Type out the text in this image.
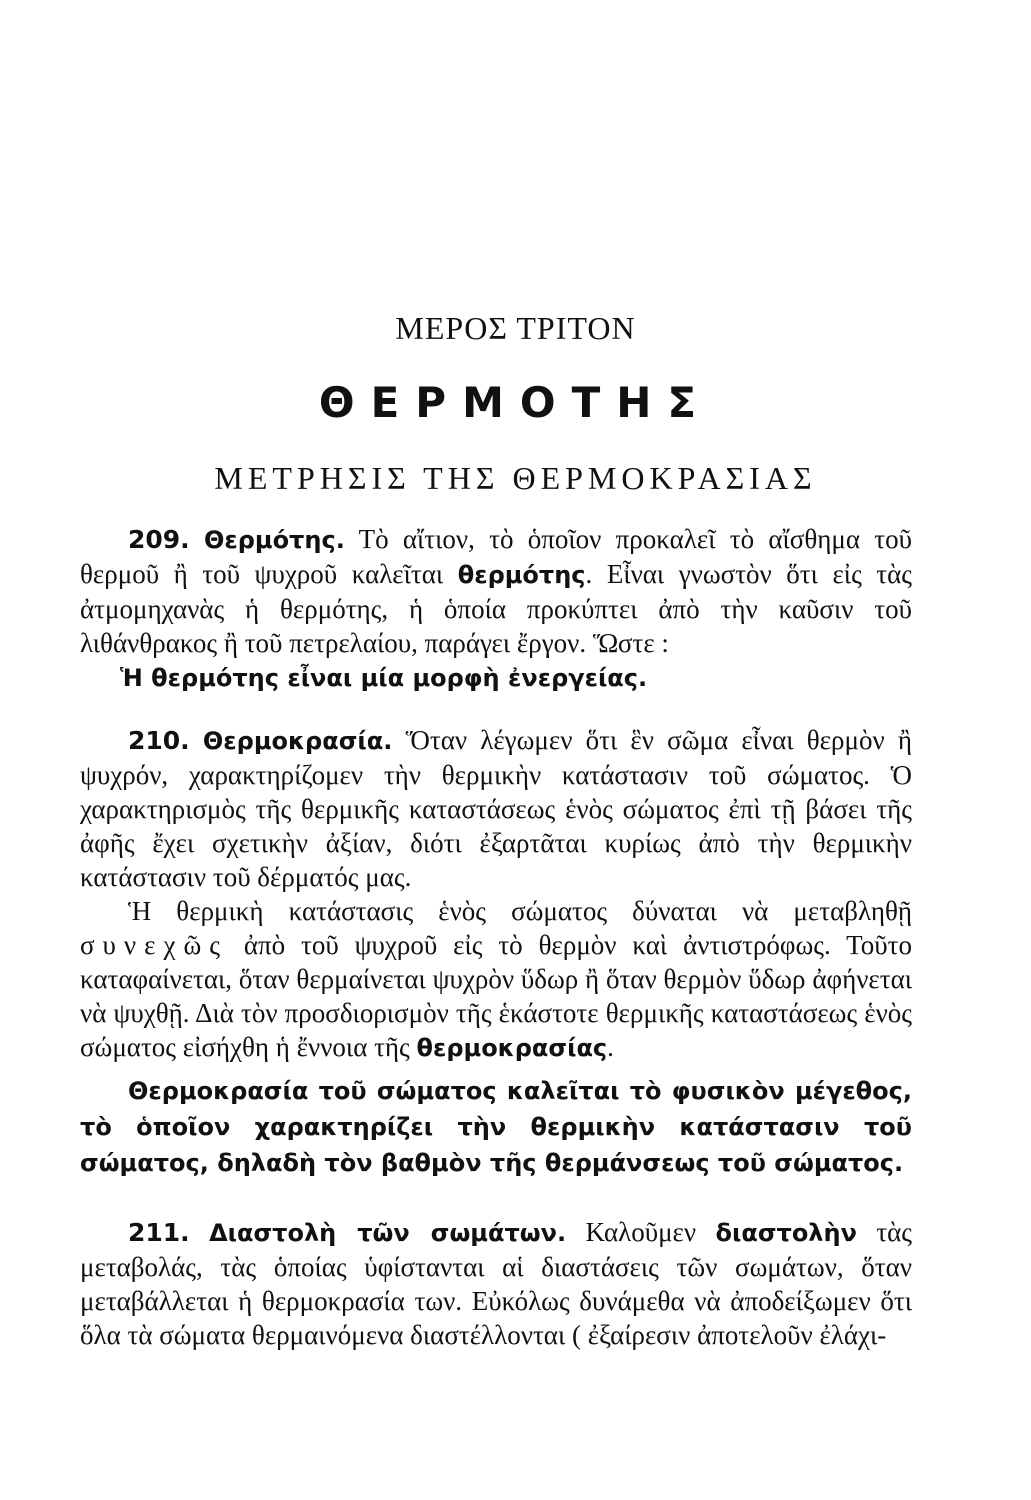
ΜΕΡΟΣ ΤΡΙΤΟΝ
ΘΕΡΜΟΤΗΣ
ΜΕΤΡΗΣΙΣ ΤΗΣ ΘΕΡΜΟΚΡΑΣΙΑΣ

209. Θερμότης. Τὸ αἴτιον, τὸ ὁποῖον προκαλεῖ τὸ αἴσθημα τοῦ θερμοῦ ἢ τοῦ ψυχροῦ καλεῖται θερμότης. Εἶναι γνωστὸν ὅτι εἰς τὰς ἀτμομηχανὰς ἡ θερμότης, ἡ ὁποία προκύπτει ἀπὸ τὴν καῦσιν τοῦ λιθάνθρακος ἢ τοῦ πετρελαίου, παράγει ἔργον. Ὥστε :

Ἡ θερμότης εἶναι μία μορφὴ ἐνεργείας.

210. Θερμοκρασία. Ὅταν λέγωμεν ὅτι ἓν σῶμα εἶναι θερμὸν ἢ ψυχρόν, χαρακτηρίζομεν τὴν θερμικὴν κατάστασιν τοῦ σώματος. Ὁ χαρακτηρισμὸς τῆς θερμικῆς καταστάσεως ἑνὸς σώματος ἐπὶ τῇ βάσει τῆς ἀφῆς ἔχει σχετικὴν ἀξίαν, διότι ἐξαρτᾶται κυρίως ἀπὸ τὴν θερμικὴν κατάστασιν τοῦ δέρματός μας.

Ἡ θερμικὴ κατάστασις ἑνὸς σώματος δύναται νὰ μεταβληθῇ συνεχῶς ἀπὸ τοῦ ψυχροῦ εἰς τὸ θερμὸν καὶ ἀντιστρόφως. Τοῦτο καταφαίνεται, ὅταν θερμαίνεται ψυχρὸν ὕδωρ ἢ ὅταν θερμὸν ὕδωρ ἀφήνεται νὰ ψυχθῇ. Διὰ τὸν προσδιορισμὸν τῆς ἑκάστοτε θερμικῆς καταστάσεως ἑνὸς σώματος εἰσήχθη ἡ ἔννοια τῆς θερμοκρασίας.

Θερμοκρασία τοῦ σώματος καλεῖται τὸ φυσικὸν μέγεθος, τὸ ὁποῖον χαρακτηρίζει τὴν θερμικὴν κατάστασιν τοῦ σώματος, δηλαδὴ τὸν βαθμὸν τῆς θερμάνσεως τοῦ σώματος.

211. Διαστολὴ τῶν σωμάτων. Καλοῦμεν διαστολὴν τὰς μεταβολάς, τὰς ὁποίας ὑφίστανται αἱ διαστάσεις τῶν σωμάτων, ὅταν μεταβάλλεται ἡ θερμοκρασία των. Εὐκόλως δυνάμεθα νὰ ἀποδείξωμεν ὅτι ὅλα τὰ σώματα θερμαινόμενα διαστέλλονται ( ἐξαίρεσιν ἀποτελοῦν ἐλάχι-
